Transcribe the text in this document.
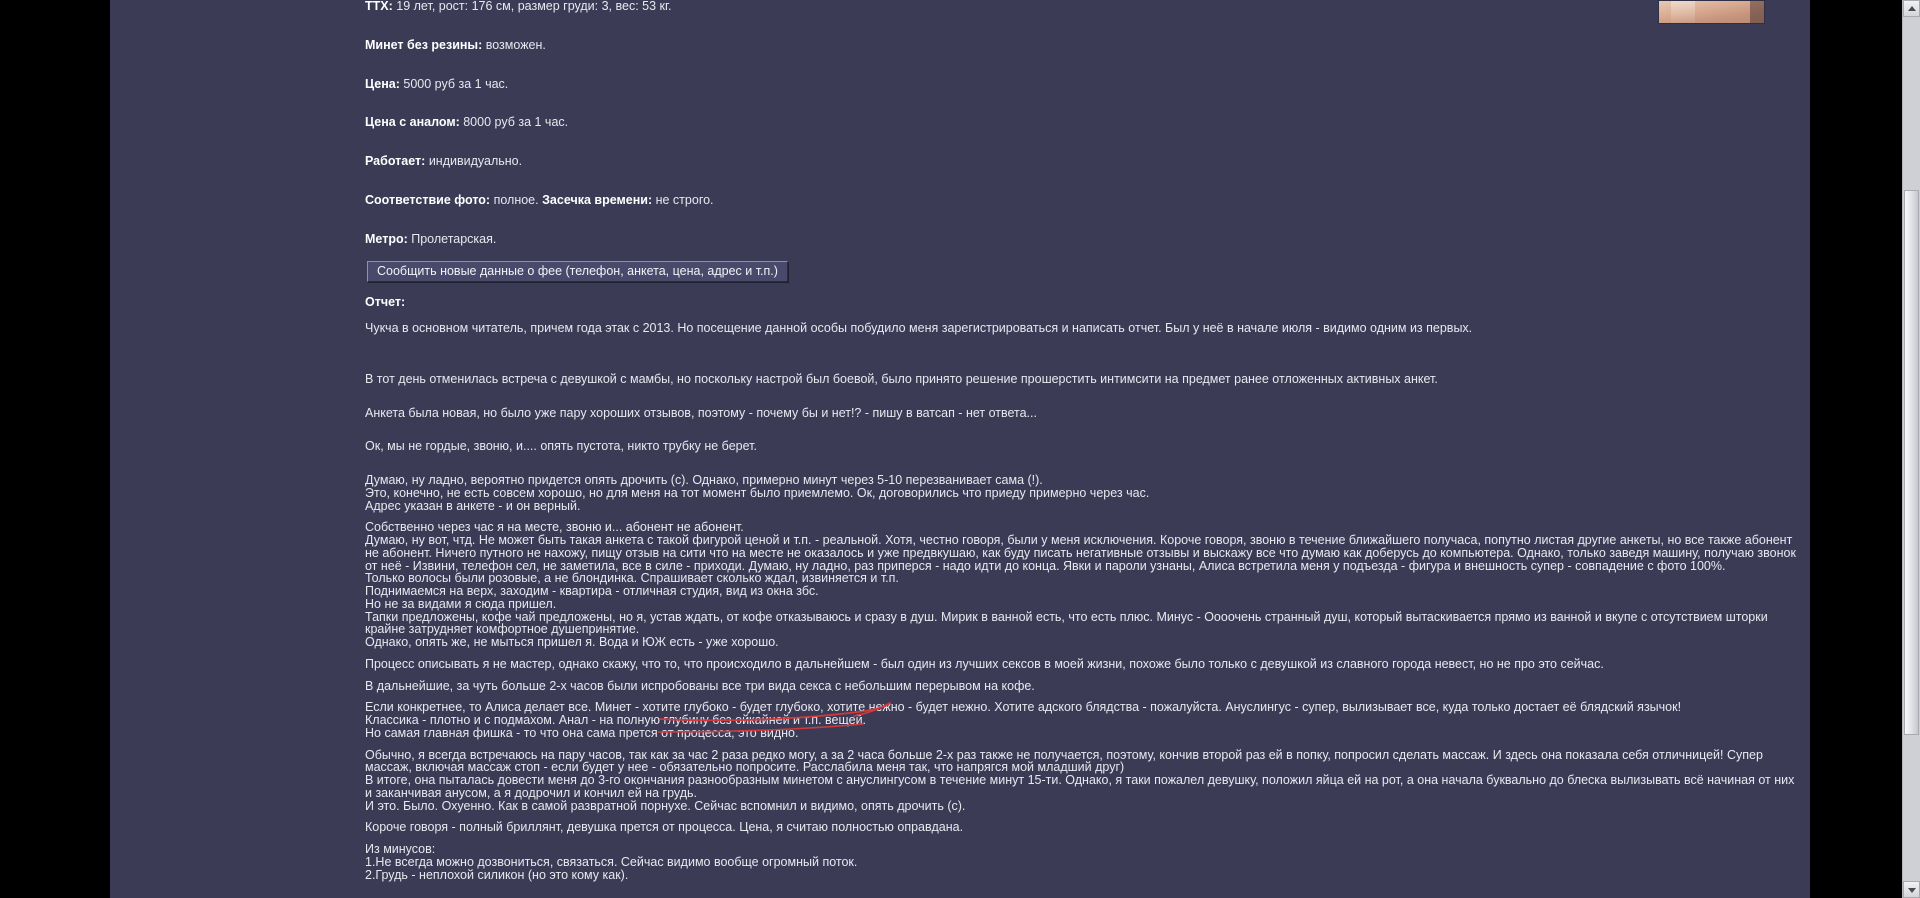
ТТХ: 19 лет, рост: 176 см, размер груди: 3, вес: 53 кг.
Минет без резины: возможен.
Цена: 5000 руб за 1 час.
Цена с аналом: 8000 руб за 1 час.
Работает: индивидуально.
Соответствие фото: полное. Засечка времени: не строго.
Метро: Пролетарская.
Сообщить новые данные о фее (телефон, анкета, цена, адрес и т.п.)
Отчет:
Чукча в основном читатель, причем года этак с 2013. Но посещение данной особы побудило меня зарегистрироваться и написать отчет. Был у неё в начале июля - видимо одним из первых.
В тот день отменилась встреча с девушкой с мамбы, но поскольку настрой был боевой, было принято решение прошерстить интимсити на предмет ранее отложенных активных анкет.
Анкета была новая, но было уже пару хороших отзывов, поэтому - почему бы и нет!? - пишу в ватсап - нет ответа...
Ок, мы не гордые, звоню, и.... опять пустота, никто трубку не берет.
Думаю, ну ладно, вероятно придется опять дрочить (с). Однако, примерно минут через 5-10 перезванивает сама (!).
Это, конечно, не есть совсем хорошо, но для меня на тот момент было приемлемо. Ок, договорились что приеду примерно через час.
Адрес указан в анкете - и он верный.
Собственно через час я на месте, звоню и... абонент не абонент.
Думаю, ну вот, чтд. Не может быть такая анкета с такой фигурой ценой и т.п. - реальной. Хотя, честно говоря, были у меня исключения. Короче говоря, звоню в течение ближайшего получаса, попутно листая другие анкеты, но все также абонент не абонент. Ничего путного не нахожу, пищу отзыв на сити что на месте не оказалось и уже предвкушаю, как буду писать негативные отзывы и выскажу все что думаю как доберусь до компьютера. Однако, только заведя машину, получаю звонок от неё - Извини, телефон сел, не заметила, все в силе - приходи. Думаю, ну ладно, раз приперся - надо идти до конца. Явки и пароли узнаны, Алиса встретила меня у подъезда - фигура и внешность супер - совпадение с фото 100%.
Только волосы были розовые, а не блондинка. Спрашивает сколько ждал, извиняется и т.п.
Поднимаемся на верх, заходим - квартира - отличная студия, вид из окна збс.
Но не за видами я сюда пришел.
Тапки предложены, кофе чай предложены, но я, устав ждать, от кофе отказываюсь и сразу в душ. Мирик в ванной есть, что есть плюс. Минус - Оооочень странный душ, который вытаскивается прямо из ванной и вкупе с отсутствием шторки крайне затрудняет комфортное душепринятие.
Однако, опять же, не мыться пришел я. Вода и ЮЖ есть - уже хорошо.
Процесс описывать я не мастер, однако скажу, что то, что происходило в дальнейшем - был один из лучших сексов в моей жизни, похоже было только с девушкой из славного города невест, но не про это сейчас.
В дальнейшие, за чуть больше 2-х часов были испробованы все три вида секса с небольшим перерывом на кофе.
Если конкретнее, то Алиса делает все. Минет - хотите глубоко - будет глубоко, хотите нежно - будет нежно. Хотите адского блядства - пожалуйста. Ануслингус - супер, вылизывает все, куда только достает её блядский язычок!
Классика - плотно и с подмахом. Анал - на полную глубину без ойкайней и т.п. вещей.
Но самая главная фишка - то что она сама прется от процесса, это видно.
Обычно, я всегда встречаюсь на пару часов, так как за час 2 раза редко могу, а за 2 часа больше 2-х раз также не получается, поэтому, кончив второй раз ей в попку, попросил сделать массаж. И здесь она показала себя отличницей! Супер массаж, включая массаж стоп - если будет у нее - обязательно попросите. Расслабила меня так, что напрягся мой младший друг)
В итоге, она пыталась довести меня до 3-го окончания разнообразным минетом с ануслингусом в течение минут 15-ти. Однако, я таки пожалел девушку, положил яйца ей на рот, а она начала буквально до блеска вылизывать всё начиная от них и заканчивая анусом, а я додрочил и кончил ей на грудь.
И это. Было. Охуенно. Как в самой развратной порнухе. Сейчас вспомнил и видимо, опять дрочить (с).
Короче говоря - полный бриллянт, девушка прется от процесса. Цена, я считаю полностью оправдана.
Из минусов:
1.Не всегда можно дозвониться, связаться. Сейчас видимо вообще огромный поток.
2.Грудь - неплохой силикон (но это кому как).
